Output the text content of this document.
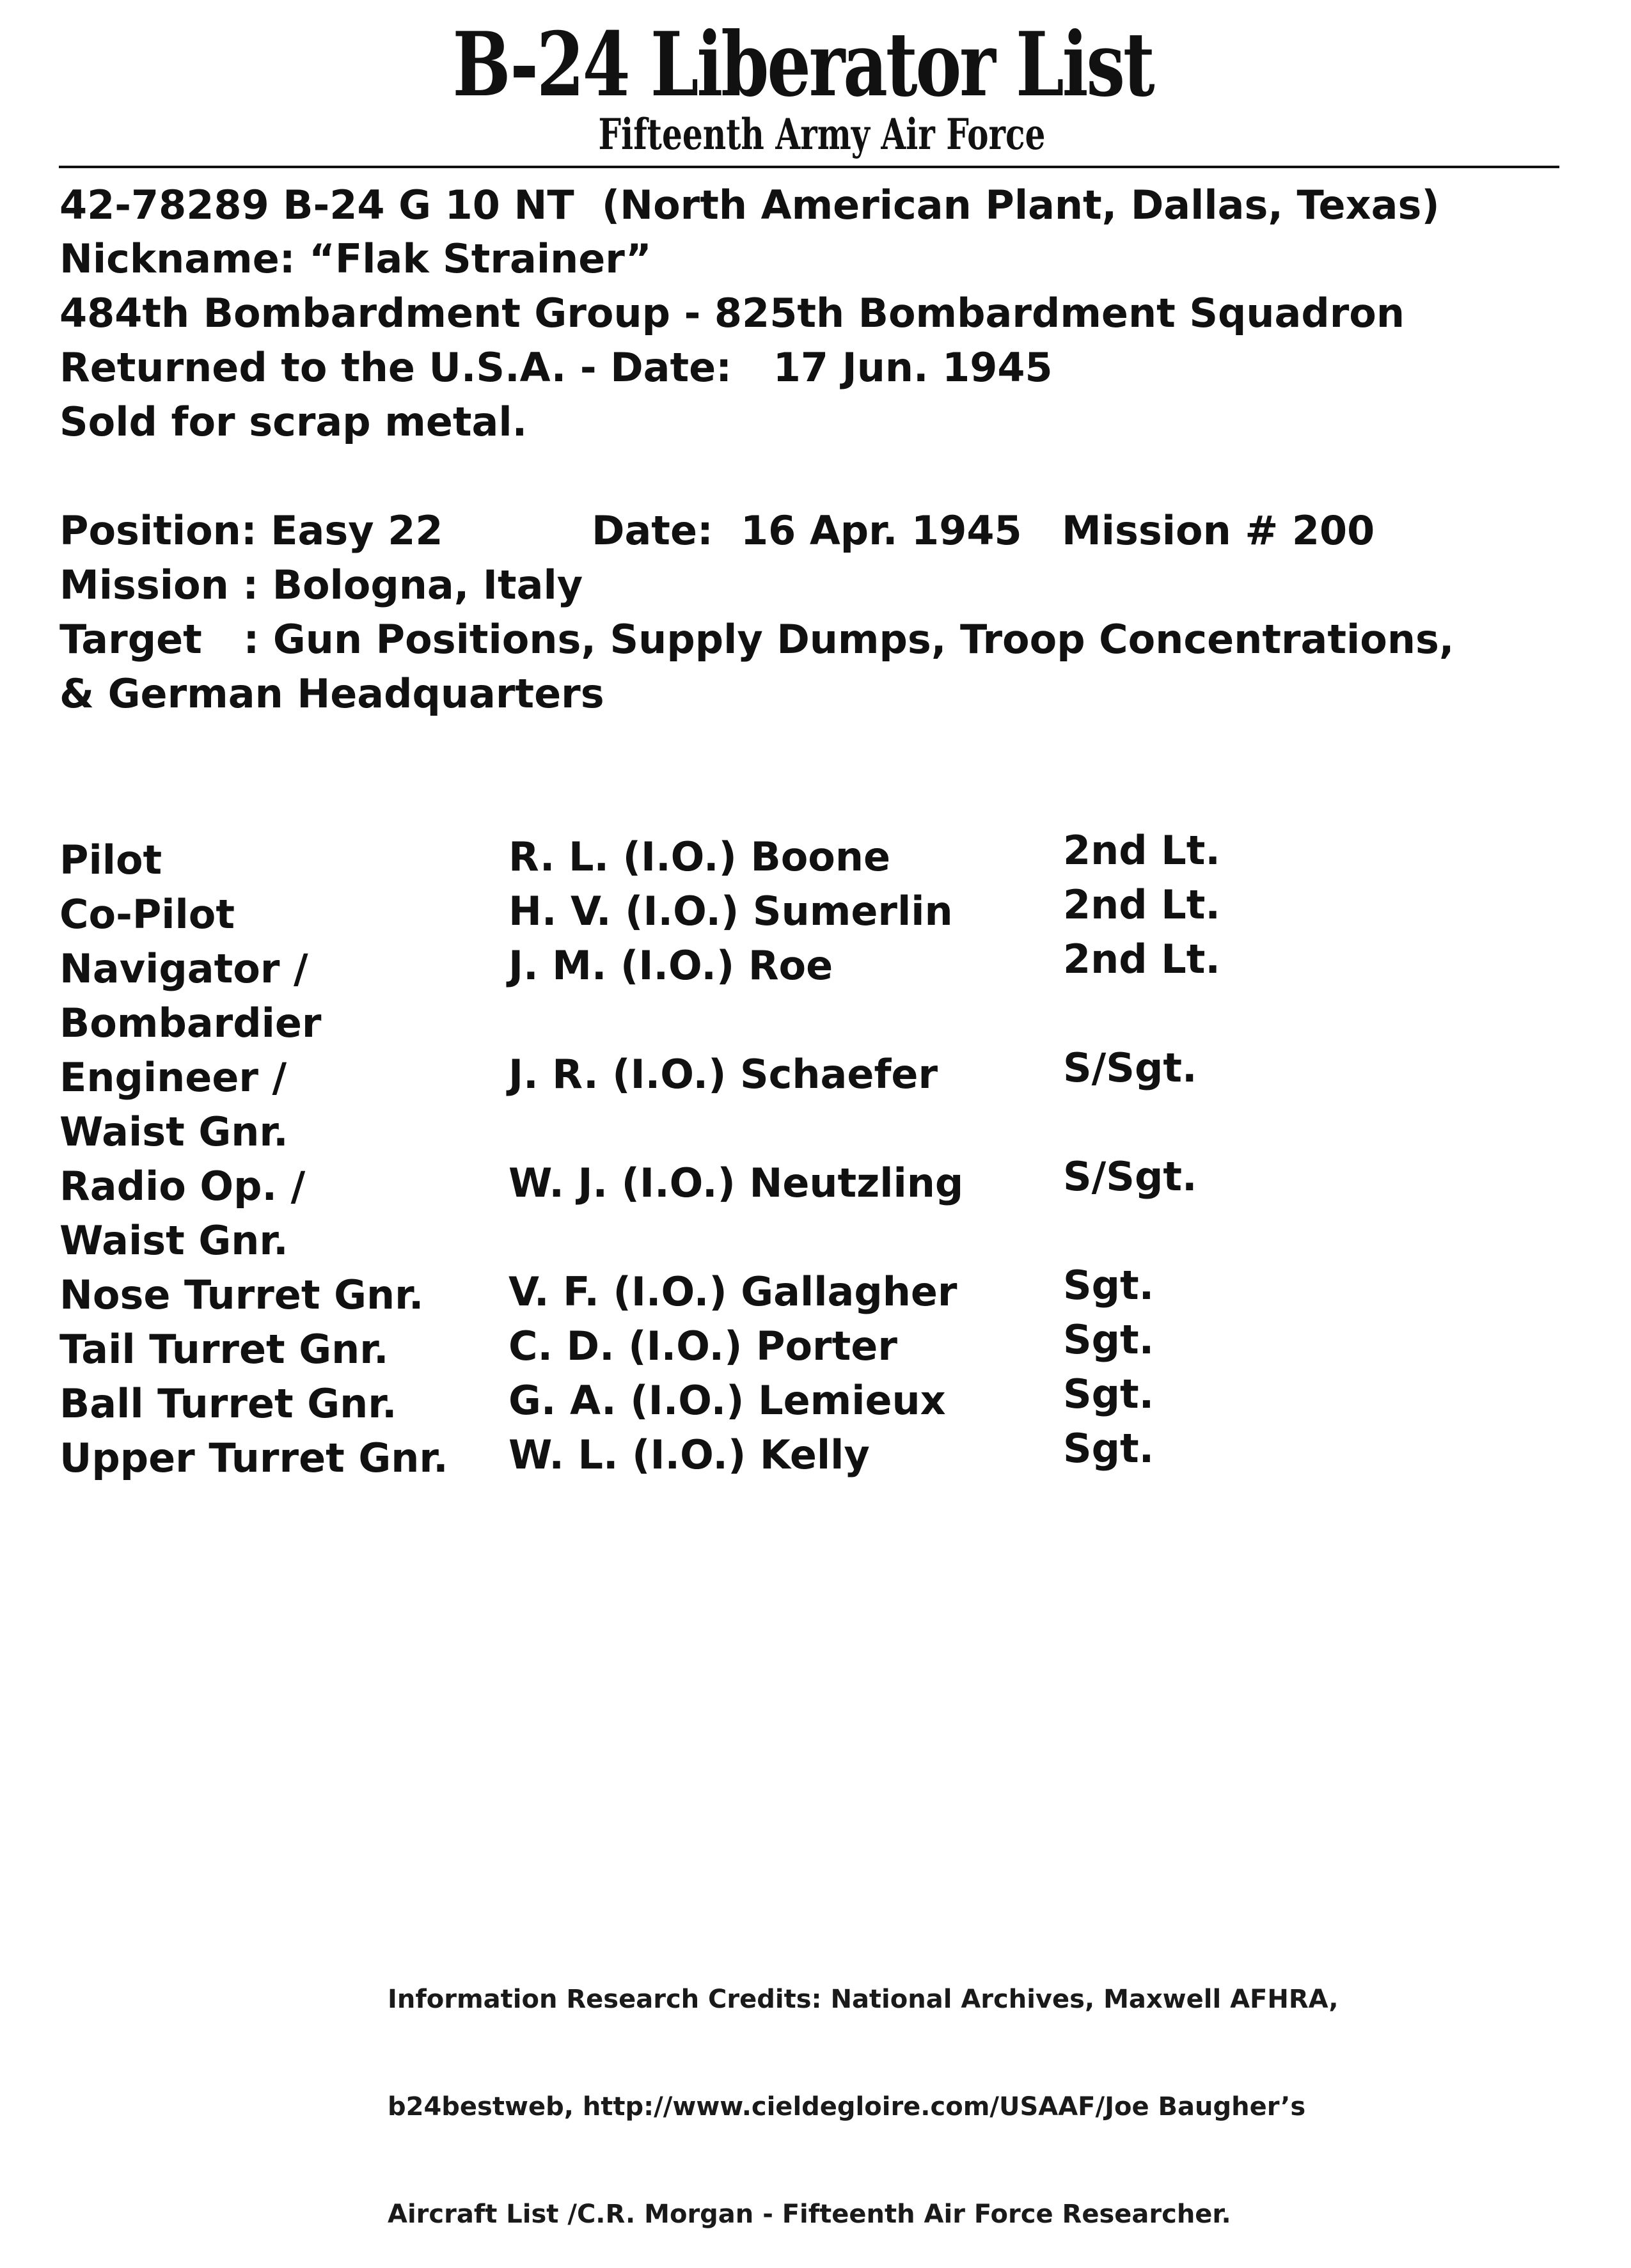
B-24 Liberator List
Fifteenth Army Air Force
42-78289 B-24 G 10 NT  (North American Plant, Dallas, Texas)
Nickname: “Flak Strainer”
484th Bombardment Group - 825th Bombardment Squadron
Returned to the U.S.A. - Date:   17 Jun. 1945
Sold for scrap metal.
Position: Easy 22	Date:  16 Apr. 1945 Mission # 200
Mission : Bologna, Italy
Target   : Gun Positions, Supply Dumps, Troop Concentrations,
& German Headquarters
Pilot	R. L. (I.O.) Boone	2nd Lt.
Co-Pilot	H. V. (I.O.) Sumerlin	2nd Lt.
Navigator /
Bombardier
J. M. (I.O.) Roe	2nd Lt.
Engineer /
Waist Gnr.
J. R. (I.O.) Schaefer	S/Sgt.
Radio Op. /
Waist Gnr.
W. J. (I.O.) Neutzling	S/Sgt.
Nose Turret Gnr. V. F. (I.O.) Gallagher	Sgt.
Tail Turret Gnr.	C. D. (I.O.) Porter	Sgt.
Ball Turret Gnr.	G. A. (I.O.) Lemieux	Sgt.
Upper Turret Gnr. W. L. (I.O.) Kelly	Sgt.

Information Research Credits: National Archives, Maxwell AFHRA,

b24bestweb, http://www.cieldegloire.com/USAAF/Joe Baugher’s

Aircraft List /C.R. Morgan - Fifteenth Air Force Researcher.
